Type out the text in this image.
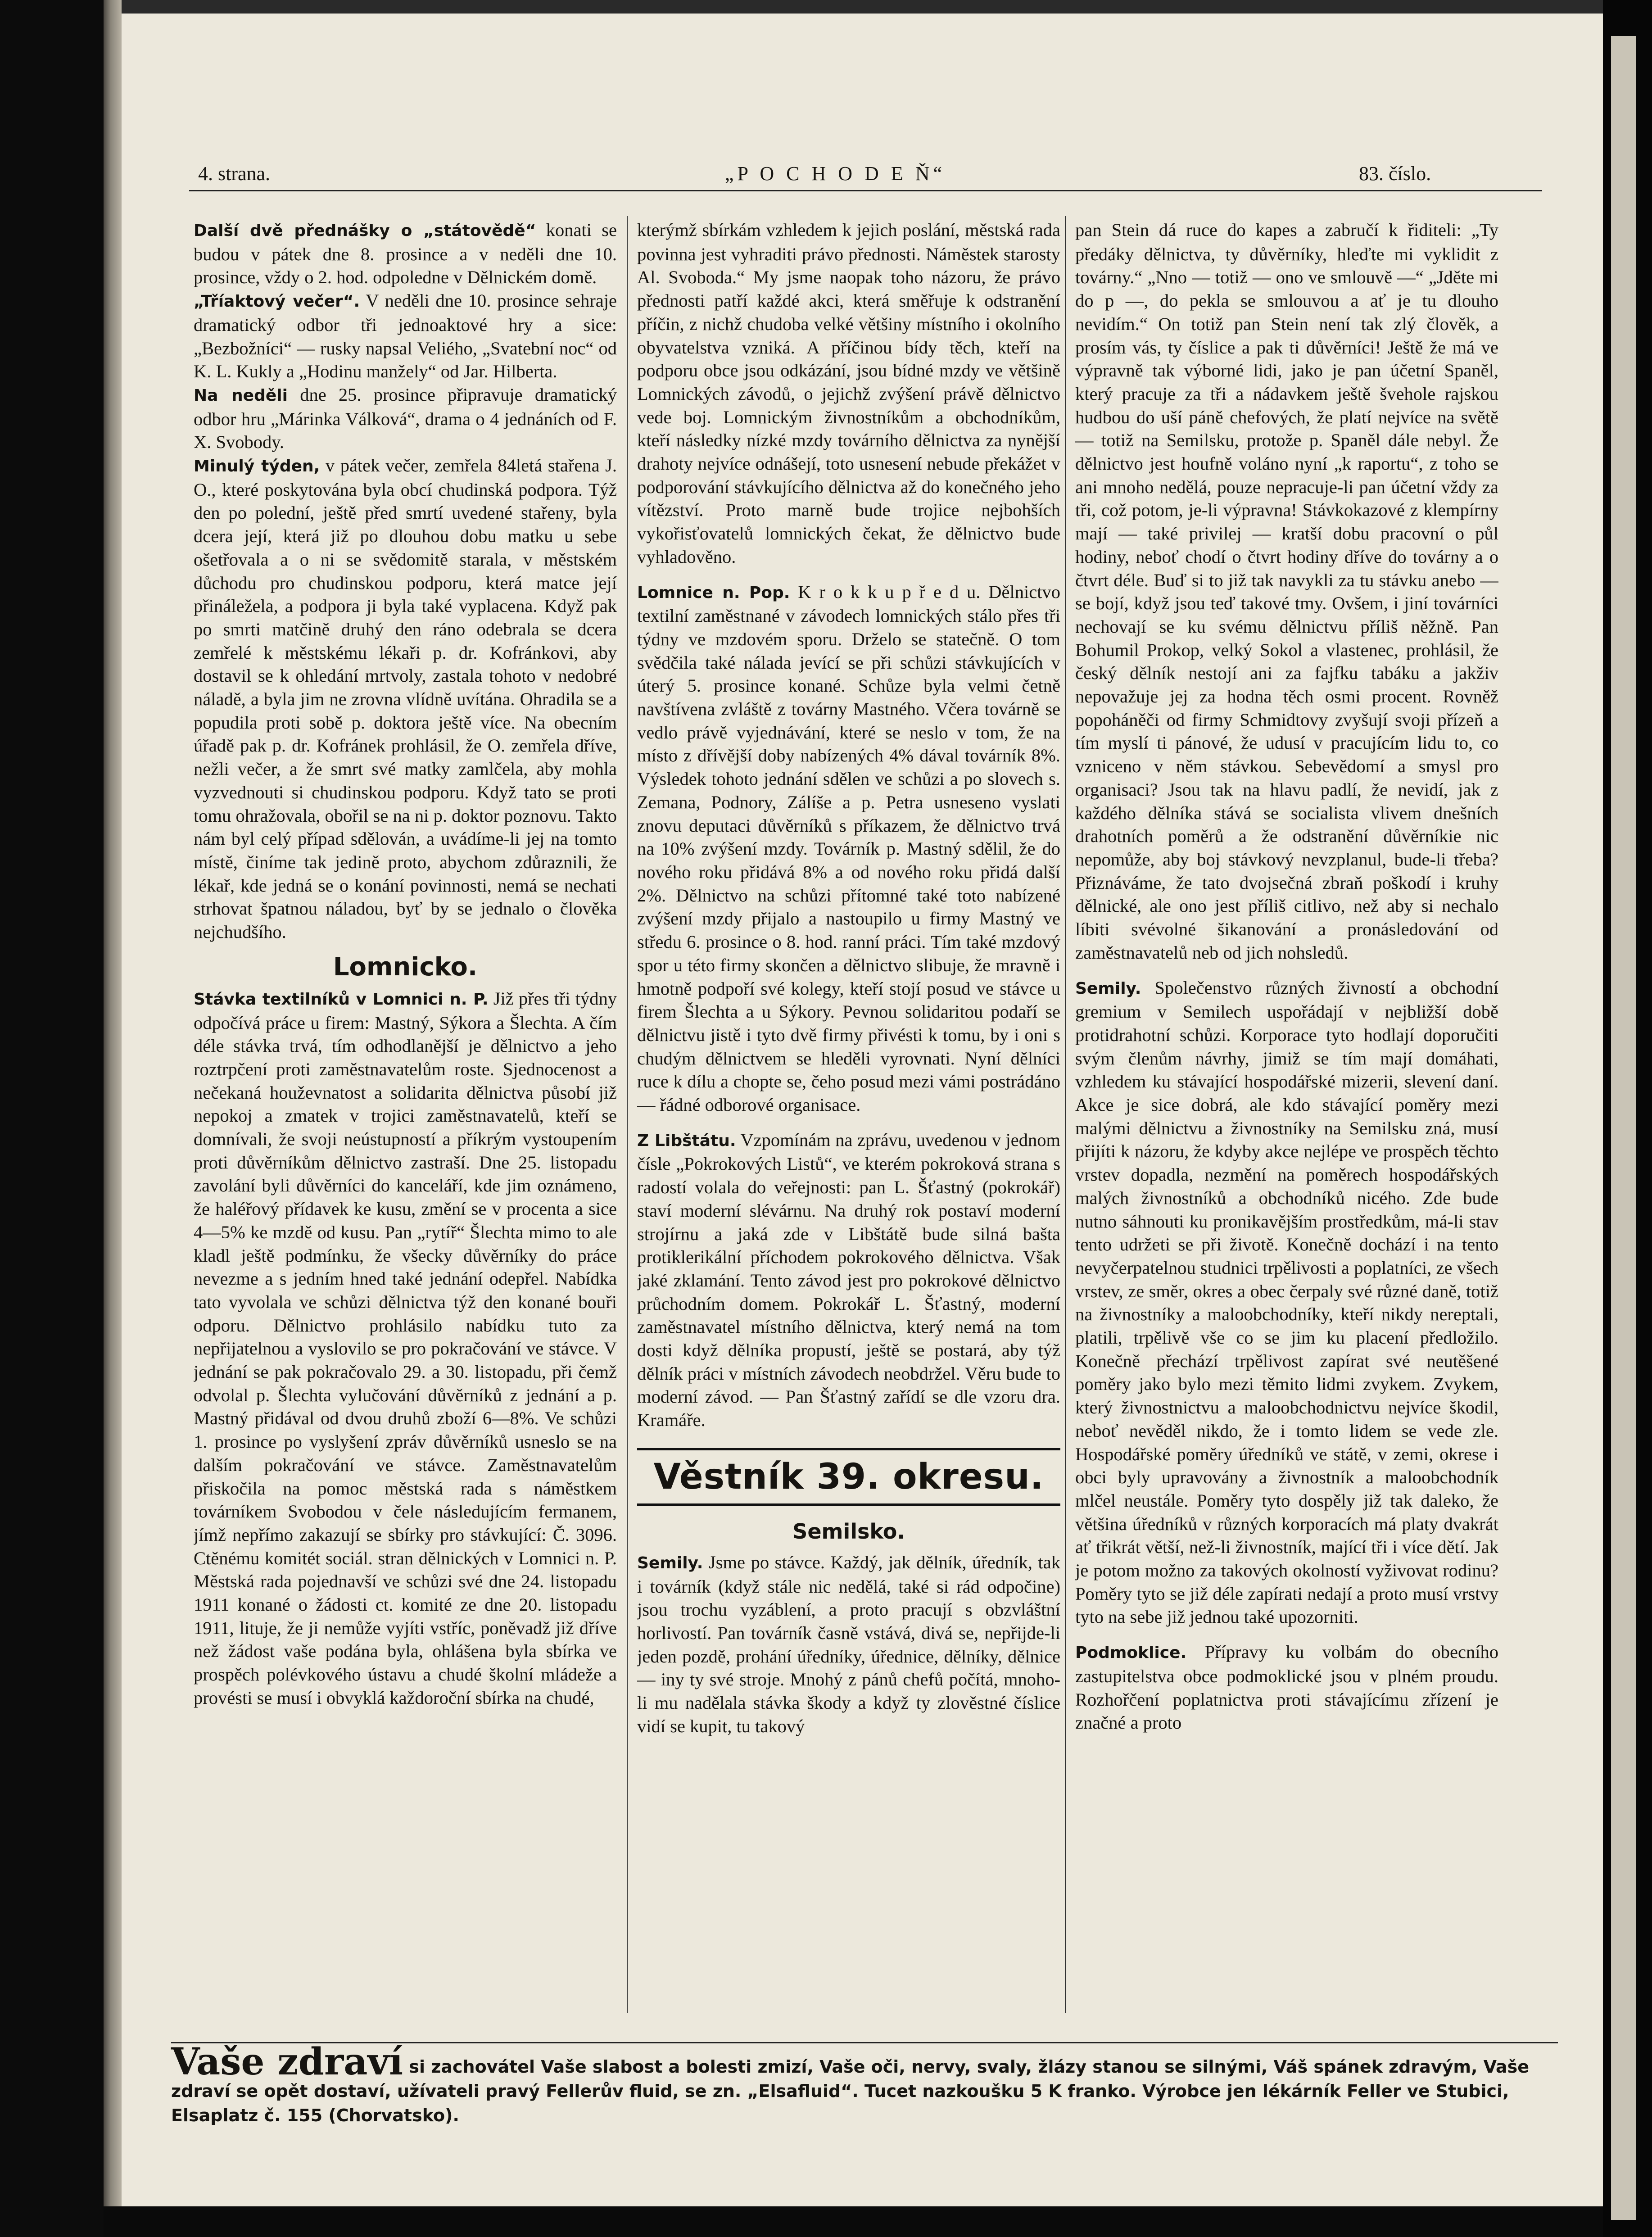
4. strana.	„P O C H O D E Ň“	83. číslo.

Další dvě přednášky o „státovědě“ konati se budou v pátek dne 8. prosince a v neděli dne 10. prosince, vždy o 2. hod. odpoledne v Dělnickém domě.

„Tříaktový večer“. V neděli dne 10. prosince sehraje dramatický odbor tři jednoaktové hry a sice: „Bezbožníci“ — rusky napsal Veliého, „Svatební noc“ od K. L. Kukly a „Hodinu manžely“ od Jar. Hilberta.

Na neděli dne 25. prosince připravuje dramatický odbor hru „Márinka Válková“, drama o 4 jednáních od F. X. Svobody.

Minulý týden, v pátek večer, zemřela 84letá stařena J. O., které poskytována byla obcí chudinská podpora. Týž den po polední, ještě před smrtí uvedené stařeny, byla dcera její, která již po dlouhou dobu matku u sebe ošetřovala a o ni se svědomitě starala, v městském důchodu pro chudinskou podporu, která matce její přináležela, a podpora ji byla také vyplacena. Když pak po smrti matčině druhý den ráno odebrala se dcera zemřelé k městskému lékaři p. dr. Kofránkovi, aby dostavil se k ohledání mrtvoly, zastala tohoto v nedobré náladě, a byla jim ne zrovna vlídně uvítána. Ohradila se a popudila proti sobě p. doktora ještě více. Na obecním úřadě pak p. dr. Kofránek prohlásil, že O. zemřela dříve, nežli večer, a že smrt své matky zamlčela, aby mohla vyzvednouti si chudinskou podporu. Když tato se proti tomu ohražovala, obořil se na ni p. doktor poznovu. Takto nám byl celý případ sdělován, a uvádíme-li jej na tomto místě, činíme tak jedině proto, abychom zdůraznili, že lékař, kde jedná se o konání povinnosti, nemá se nechati strhovat špatnou náladou, byť by se jednalo o člověka nejchudšího.

Lomnicko.

Stávka textilníků v Lomnici n. P. Již přes tři týdny odpočívá práce u firem: Mastný, Sýkora a Šlechta. A čím déle stávka trvá, tím odhodlanější je dělnictvo a jeho roztrpčení proti zaměstnavatelům roste. Sjednocenost a nečekaná houževnatost a solidarita dělnictva působí již nepokoj a zmatek v trojici zaměstnavatelů, kteří se domnívali, že svoji neústupností a příkrým vystoupením proti důvěrníkům dělnictvo zastraší. Dne 25. listopadu zavolání byli důvěrníci do kanceláří, kde jim oznámeno, že haléřový přídavek ke kusu, změní se v procenta a sice 4—5% ke mzdě od kusu. Pan „rytíř“ Šlechta mimo to ale kladl ještě podmínku, že všecky důvěrníky do práce nevezme a s jedním hned také jednání odepřel. Nabídka tato vyvolala ve schůzi dělnictva týž den konané bouři odporu. Dělnictvo prohlásilo nabídku tuto za nepřijatelnou a vyslovilo se pro pokračování ve stávce. V jednání se pak pokračovalo 29. a 30. listopadu, při čemž odvolal p. Šlechta vylučování důvěrníků z jednání a p. Mastný přidával od dvou druhů zboží 6—8%. Ve schůzi 1. prosince po vyslyšení zpráv důvěrníků usneslo se na dalším pokračování ve stávce. Zaměstnavatelům přiskočila na pomoc městská rada s náměstkem továrníkem Svobodou v čele následujícím fermanem, jímž nepřímo zakazují se sbírky pro stávkující: Č. 3096. Ctěnému komitét sociál. stran dělnických v Lomnici n. P. Městská rada pojednavší ve schůzi své dne 24. listopadu 1911 konané o žádosti ct. komité ze dne 20. listopadu 1911, lituje, že ji nemůže vyjíti vstříc, poněvadž již dříve než žádost vaše podána byla, ohlášena byla sbírka ve prospěch polévkového ústavu a chudé školní mládeže a provésti se musí i obvyklá každoroční sbírka na chudé,

kterýmž sbírkám vzhledem k jejich poslání, městská rada povinna jest vyhraditi právo přednosti. Náměstek starosty Al. Svoboda.“ My jsme naopak toho názoru, že právo přednosti patří každé akci, která směřuje k odstranění příčin, z nichž chudoba velké většiny místního i okolního obyvatelstva vzniká. A příčinou bídy těch, kteří na podporu obce jsou odkázání, jsou bídné mzdy ve většině Lomnických závodů, o jejichž zvýšení právě dělnictvo vede boj. Lomnickým živnostníkům a obchodníkům, kteří následky nízké mzdy továrního dělnictva za nynější drahoty nejvíce odnášejí, toto usnesení nebude překážet v podporování stávkujícího dělnictva až do konečného jeho vítězství. Proto marně bude trojice nejbohších vykořisťovatelů lomnických čekat, že dělnictvo bude vyhladověno.

Lomnice n. Pop. K r o k k u p ř e d u. Dělnictvo textilní zaměstnané v závodech lomnických stálo přes tři týdny ve mzdovém sporu. Drželo se statečně. O tom svědčila také nálada jevící se při schůzi stávkujících v úterý 5. prosince konané. Schůze byla velmi četně navštívena zvláště z továrny Mastného. Včera továrně se vedlo právě vyjednávání, které se neslo v tom, že na místo z dřívější doby nabízených 4% dával továrník 8%. Výsledek tohoto jednání sdělen ve schůzi a po slovech s. Zemana, Podnory, Zálíše a p. Petra usneseno vyslati znovu deputaci důvěrníků s příkazem, že dělnictvo trvá na 10% zvýšení mzdy. Továrník p. Mastný sdělil, že do nového roku přidává 8% a od nového roku přidá další 2%. Dělnictvo na schůzi přítomné také toto nabízené zvýšení mzdy přijalo a nastoupilo u firmy Mastný ve středu 6. prosince o 8. hod. ranní práci. Tím také mzdový spor u této firmy skončen a dělnictvo slibuje, že mravně i hmotně podpoří své kolegy, kteří stojí posud ve stávce u firem Šlechta a u Sýkory. Pevnou solidaritou podaří se dělnictvu jistě i tyto dvě firmy přivésti k tomu, by i oni s chudým dělnictvem se hleděli vyrovnati. Nyní dělníci ruce k dílu a chopte se, čeho posud mezi vámi postrádáno — řádné odborové organisace.

Z Libštátu. Vzpomínám na zprávu, uvedenou v jednom čísle „Pokrokových Listů“, ve kterém pokroková strana s radostí volala do veřejnosti: pan L. Šťastný (pokrokář) staví moderní slévárnu. Na druhý rok postaví moderní strojírnu a jaká zde v Libštátě bude silná bašta protiklerikální příchodem pokrokového dělnictva. Však jaké zklamání. Tento závod jest pro pokrokové dělnictvo průchodním domem. Pokrokář L. Šťastný, moderní zaměstnavatel místního dělnictva, který nemá na tom dosti když dělníka propustí, ještě se postará, aby týž dělník práci v místních závodech neobdržel. Věru bude to moderní závod. — Pan Šťastný zařídí se dle vzoru dra. Kramáře.

Věstník 39. okresu.
Semilsko.

Semily. Jsme po stávce. Každý, jak dělník, úředník, tak i továrník (když stále nic nedělá, také si rád odpočine) jsou trochu vyzáblení, a proto pracují s obzvláštní horlivostí. Pan továrník časně vstává, divá se, nepřijde-li jeden pozdě, prohání úředníky, úřednice, dělníky, dělnice — iny ty své stroje. Mnohý z pánů chefů počítá, mnoho-li mu nadělala stávka škody a když ty zlověstné číslice vidí se kupit, tu takový

pan Stein dá ruce do kapes a zabručí k řiditeli: „Ty předáky dělnictva, ty důvěrníky, hleďte mi vyklidit z továrny.“ „Nno — totiž — ono ve smlouvě —“ „Jděte mi do p —, do pekla se smlouvou a ať je tu dlouho nevidím.“ On totiž pan Stein není tak zlý člověk, a prosím vás, ty číslice a pak ti důvěrníci! Ještě že má ve výpravně tak výborné lidi, jako je pan účetní Spaněl, který pracuje za tři a nádavkem ještě švehole rajskou hudbou do uší páně chefových, že platí nejvíce na světě — totiž na Semilsku, protože p. Spaněl dále nebyl. Že dělnictvo jest houfně voláno nyní „k raportu“, z toho se ani mnoho nedělá, pouze nepracuje-li pan účetní vždy za tři, což potom, je-li výpravna! Stávkokazové z klempírny mají — také privilej — kratší dobu pracovní o půl hodiny, neboť chodí o čtvrt hodiny dříve do továrny a o čtvrt déle. Buď si to již tak navykli za tu stávku anebo — se bojí, když jsou teď takové tmy. Ovšem, i jiní továrníci nechovají se ku svému dělnictvu příliš něžně. Pan Bohumil Prokop, velký Sokol a vlastenec, prohlásil, že český dělník nestojí ani za fajfku tabáku a jakživ nepovažuje jej za hodna těch osmi procent. Rovněž popoháněči od firmy Schmidtovy zvyšují svoji přízeň a tím myslí ti pánové, že udusí v pracujícím lidu to, co vzniceno v něm stávkou. Sebevědomí a smysl pro organisaci? Jsou tak na hlavu padlí, že nevidí, jak z každého dělníka stává se socialista vlivem dnešních drahotních poměrů a že odstranění důvěrníkie nic nepomůže, aby boj stávkový nevzplanul, bude-li třeba? Přiznáváme, že tato dvojsečná zbraň poškodí i kruhy dělnické, ale ono jest příliš citlivo, než aby si nechalo líbiti svévolné šikanování a pronásledování od zaměstnavatelů neb od jich nohsledů.

Semily. Společenstvo různých živností a obchodní gremium v Semilech uspořádají v nejbližší době protidrahotní schůzi. Korporace tyto hodlají doporučiti svým členům návrhy, jimiž se tím mají domáhati, vzhledem ku stávající hospodářské mizerii, slevení daní. Akce je sice dobrá, ale kdo stávající poměry mezi malými dělnictvu a živnostníky na Semilsku zná, musí přijíti k názoru, že kdyby akce nejlépe ve prospěch těchto vrstev dopadla, nezmění na poměrech hospodářských malých živnostníků a obchodníků nicého. Zde bude nutno sáhnouti ku pronikavějším prostředkům, má-li stav tento udržeti se při životě. Konečně dochází i na tento nevyčerpatelnou studnici trpělivosti a poplatníci, ze všech vrstev, ze směr, okres a obec čerpaly své různé daně, totiž na živnostníky a maloobchodníky, kteří nikdy nereptali, platili, trpělivě vše co se jim ku placení předložilo. Konečně přechází trpělivost zapírat své neutěšené poměry jako bylo mezi těmito lidmi zvykem. Zvykem, který živnostnictvu a maloobchodnictvu nejvíce škodil, neboť nevěděl nikdo, že i tomto lidem se vede zle. Hospodářské poměry úředníků ve státě, v zemi, okrese i obci byly upravovány a živnostník a maloobchodník mlčel neustále. Poměry tyto dospěly již tak daleko, že většina úředníků v různých korporacích má platy dvakrát ať třikrát větší, než-li živnostník, mající tři i více dětí. Jak je potom možno za takových okolností vyživovat rodinu? Poměry tyto se již déle zapírati nedají a proto musí vrstvy tyto na sebe již jednou také upozorniti.

Podmoklice. Přípravy ku volbám do obecního zastupitelstva obce podmoklické jsou v plném proudu. Rozhořčení poplatnictva proti stávajícímu zřízení je značné a proto

Vaše zdraví si zachovátel Vaše slabost a bolesti zmizí, Vaše oči, nervy, svaly, žlázy stanou se silnými, Váš spánek zdravým, Vaše zdraví se opět dostaví, užívateli pravý Fellerův fluid, se zn. „Elsafluid“. Tucet nazkoušku 5 K franko. Výrobce jen lékárník Feller ve Stubici, Elsaplatz č. 155 (Chorvatsko).
